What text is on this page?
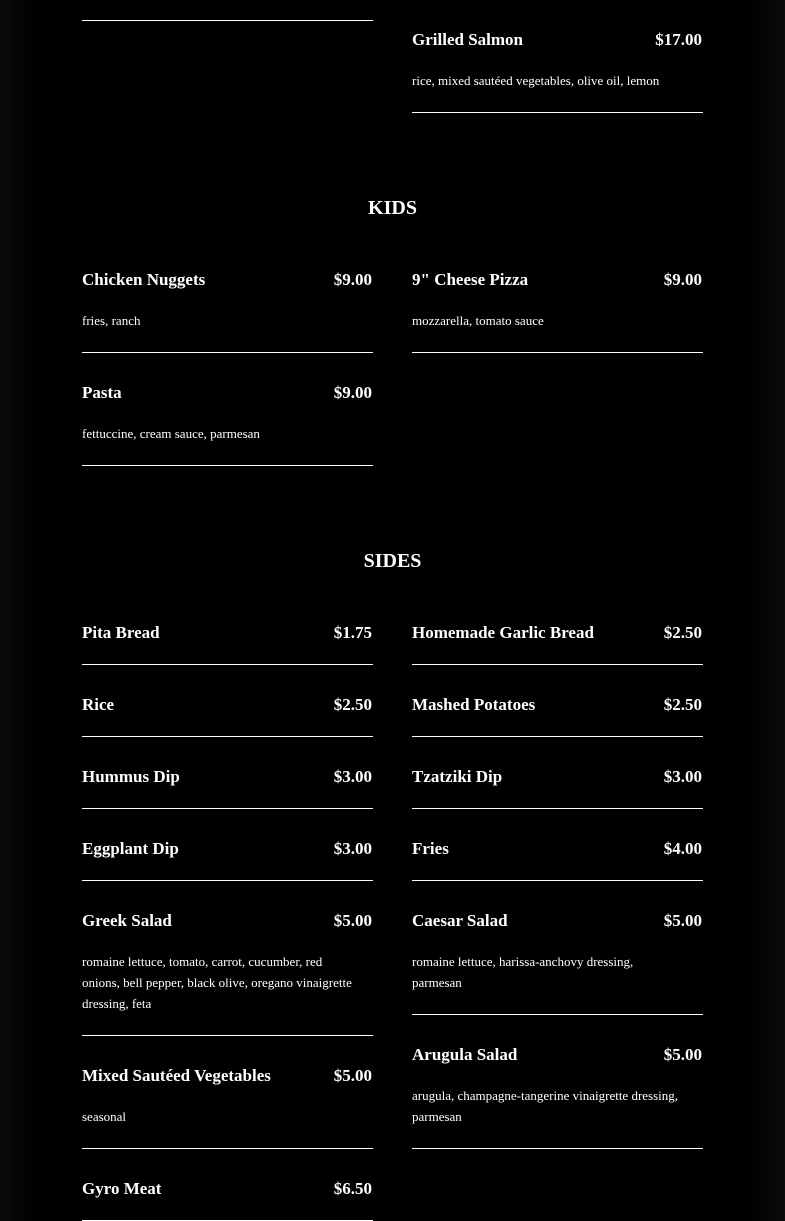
Grilled Salmon	$17.00
rice, mixed sautéed vegetables, olive oil, lemon
KIDS
Chicken Nuggets	$9.00
fries, ranch
9" Cheese Pizza	$9.00
mozzarella, tomato sauce
Pasta	$9.00
fettuccine, cream sauce, parmesan
SIDES
Pita Bread	$1.75
Rice	$2.50
Hummus Dip	$3.00
Eggplant Dip	$3.00
Greek Salad	$5.00
romaine lettuce, tomato, carrot, cucumber, red onions, bell pepper, black olive, oregano vinaigrette dressing, feta
Mixed Sautéed Vegetables	$5.00
seasonal
Gyro Meat	$6.50
Homemade Garlic Bread	$2.50
Mashed Potatoes	$2.50
Tzatziki Dip	$3.00
Fries	$4.00
Caesar Salad	$5.00
romaine lettuce, harissa-anchovy dressing, parmesan
Arugula Salad	$5.00
arugula, champagne-tangerine vinaigrette dressing, parmesan
